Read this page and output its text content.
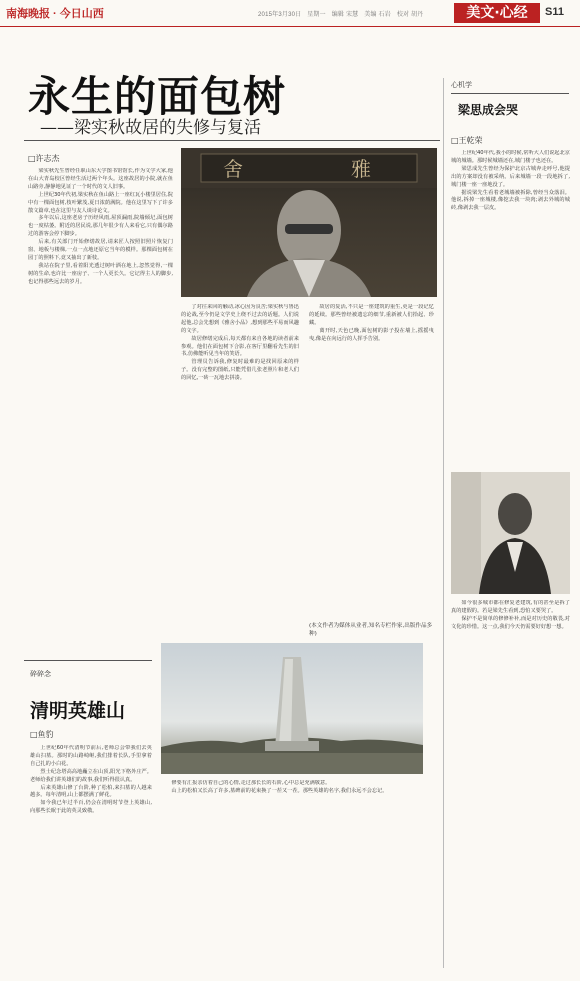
南海晚报 · 今日山西	2015年3月30日 星期一 编辑 宋慧 美编 石岩 校对 胡丹	美文·心经	S11
永生的面包树
——梁实秋故居的失修与复活
□许志杰

梁实秋先生曾经任职山东大学图书馆馆长,作为文学大家,他在山大青岛校区曾经生活过两个年头。这座故居的小院,就在鱼山路旁,静静地见证了一个时代的文人旧事。

上世纪30年代初,梁实秋在鱼山路上一座红瓦小楼里居住,院中有一棵面包树,枝叶繁茂,夏日浓荫满院。他在这里写下了许多散文篇章,也在这里与友人谈诗论文。

多年以后,这座老房子历经风雨,屋顶漏雨,院墙倾圮,面包树也一度枯萎。附近的居民说,那几年很少有人来看它,只有偶尔路过的游客会停下脚步。

后来,有关部门开始修缮故居,请来匠人按照旧照片恢复门窗、地板与楼梯,一点一点地还原它当年的模样。那棵面包树在园丁的照料下,竟又抽出了新枝。

我站在院子里,看着阳光透过树叶洒在地上,忽然觉得,一棵树的生命,也许比一座房子、一个人更长久。它记得主人的脚步,也记得那些远去的岁月。

舍	雅

了对往来回的触动,冰心因为良苦;梁实秋与鲁迅的论战,至今仍是文学史上绕不过去的话题。人们说起他,总会先想到《雅舍小品》,想到那些平易而风趣的文字。

故居修缮完成后,每天都有来自各地的读者前来参观。他们在面包树下合影,在客厅里翻看先生的旧书,仿佛能听见当年的笑语。

管理员告诉我,修复时最难的是找回原来的样子。没有完整的图纸,只能凭借几张老照片和老人们的回忆,一砖一瓦地去拼凑。

故居的复活,不只是一座建筑的重生,更是一段记忆的延续。那些曾经被遗忘的细节,重新被人们拾起、珍藏。

离开时,天色已晚,面包树的影子投在墙上,摇摇曳曳,像是在向远行的人挥手告别。

(本文作者为媒体从业者,知名专栏作家,出版作品多种)
心机学
梁思成会哭
□王乾荣

上世纪40年代,我小的时候,常听大人们说起北京城的城墙。那时候城墙还在,城门楼子也还在。

梁思成先生曾经为保护北京古城奔走呼号,他提出的方案却没有被采纳。后来城墙一段一段地拆了,城门楼一座一座地没了。

据说梁先生看着老城墙被拆除,曾经当众落泪。他说,拆掉一座城楼,像挖去我一块肉;剥去外城的城砖,像剥去我一层皮。

如今很多城市都在修复老建筑,有的甚至是拆了真的建假的。若是梁先生看到,恐怕又要哭了。

保护不是简单的修修补补,而是对历史的敬畏,对文化的珍惜。这一点,我们今天仍需要好好想一想。

碎碎念
清明英雄山
□鱼豹

上世纪60年代清明节前后,老师总会带我们去英雄山扫墓。那时的山路崎岖,我们排着长队,手里拿着自己扎的小白花。

烈士纪念塔高高地矗立在山顶,阳光下格外庄严。老师给我们讲英雄们的故事,我们听得很认真。

后来英雄山修了台阶,种了松柏,来扫墓的人越来越多。每年清明,山上都摆满了鲜花。

如今我已年过半百,仍会在清明时节登上英雄山,向那些长眠于此的英灵致敬。

修要有汇报亲仿着自己的心情,走过那长长的石阶,心中总是充满敬意。

山上的松柏又长高了许多,墓碑前的花束换了一茬又一茬。那些英雄的名字,我们永远不会忘记。
